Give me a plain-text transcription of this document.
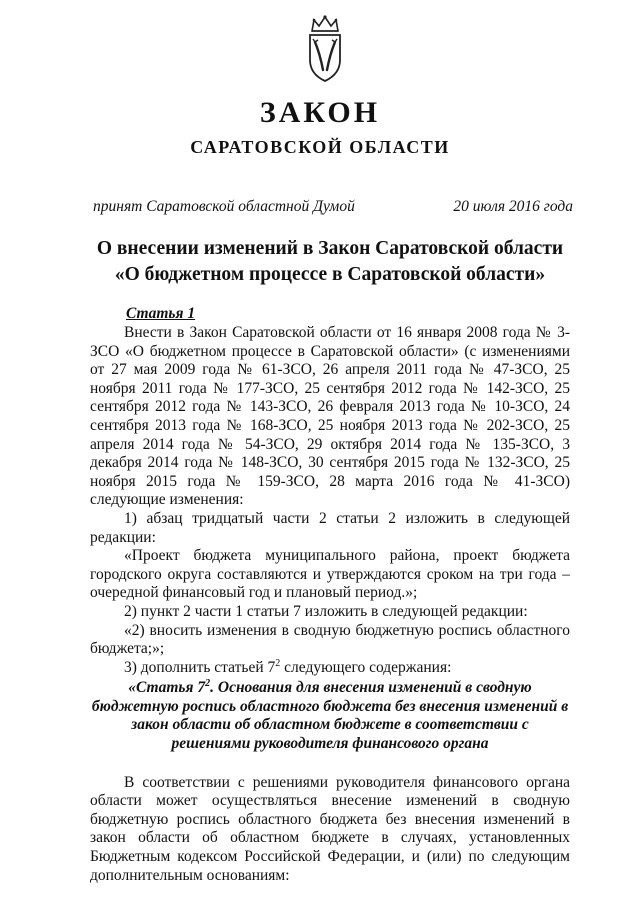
ЗАКОН
САРАТОВСКОЙ ОБЛАСТИ
принят Саратовской областной Думой	20 июля 2016 года
О внесении изменений в Закон Саратовской области
«О бюджетном процессе в Саратовской области»
Статья 1

Внести в Закон Саратовской области от 16 января 2008 года № 3-ЗСО «О бюджетном процессе в Саратовской области» (с изменениями от 27 мая 2009 года № 61-ЗСО, 26 апреля 2011 года № 47-ЗСО, 25 ноября 2011 года № 177-ЗСО, 25 сентября 2012 года № 142-ЗСО, 25 сентября 2012 года № 143-ЗСО, 26 февраля 2013 года № 10-ЗСО, 24 сентября 2013 года № 168-ЗСО, 25 ноября 2013 года № 202-ЗСО, 25 апреля 2014 года № 54-ЗСО, 29 октября 2014 года № 135-ЗСО, 3 декабря 2014 года № 148-ЗСО, 30 сентября 2015 года № 132-ЗСО, 25 ноября 2015 года № 159-ЗСО, 28 марта 2016 года № 41-ЗСО) следующие изменения:

1) абзац тридцатый части 2 статьи 2 изложить в следующей редакции:

«Проект бюджета муниципального района, проект бюджета городского округа составляются и утверждаются сроком на три года – очередной финансовый год и плановый период.»;

2) пункт 2 части 1 статьи 7 изложить в следующей редакции:

«2) вносить изменения в сводную бюджетную роспись областного бюджета;»;

3) дополнить статьей $7^2$ следующего содержания:

«Статья $7^2$. Основания для внесения изменений в сводную бюджетную роспись областного бюджета без внесения изменений в закон области об областном бюджете в соответствии с решениями руководителя финансового органа

В соответствии с решениями руководителя финансового органа области может осуществляться внесение изменений в сводную бюджетную роспись областного бюджета без внесения изменений в закон области об областном бюджете в случаях, установленных Бюджетным кодексом Российской Федерации, и (или) по следующим дополнительным основаниям:
